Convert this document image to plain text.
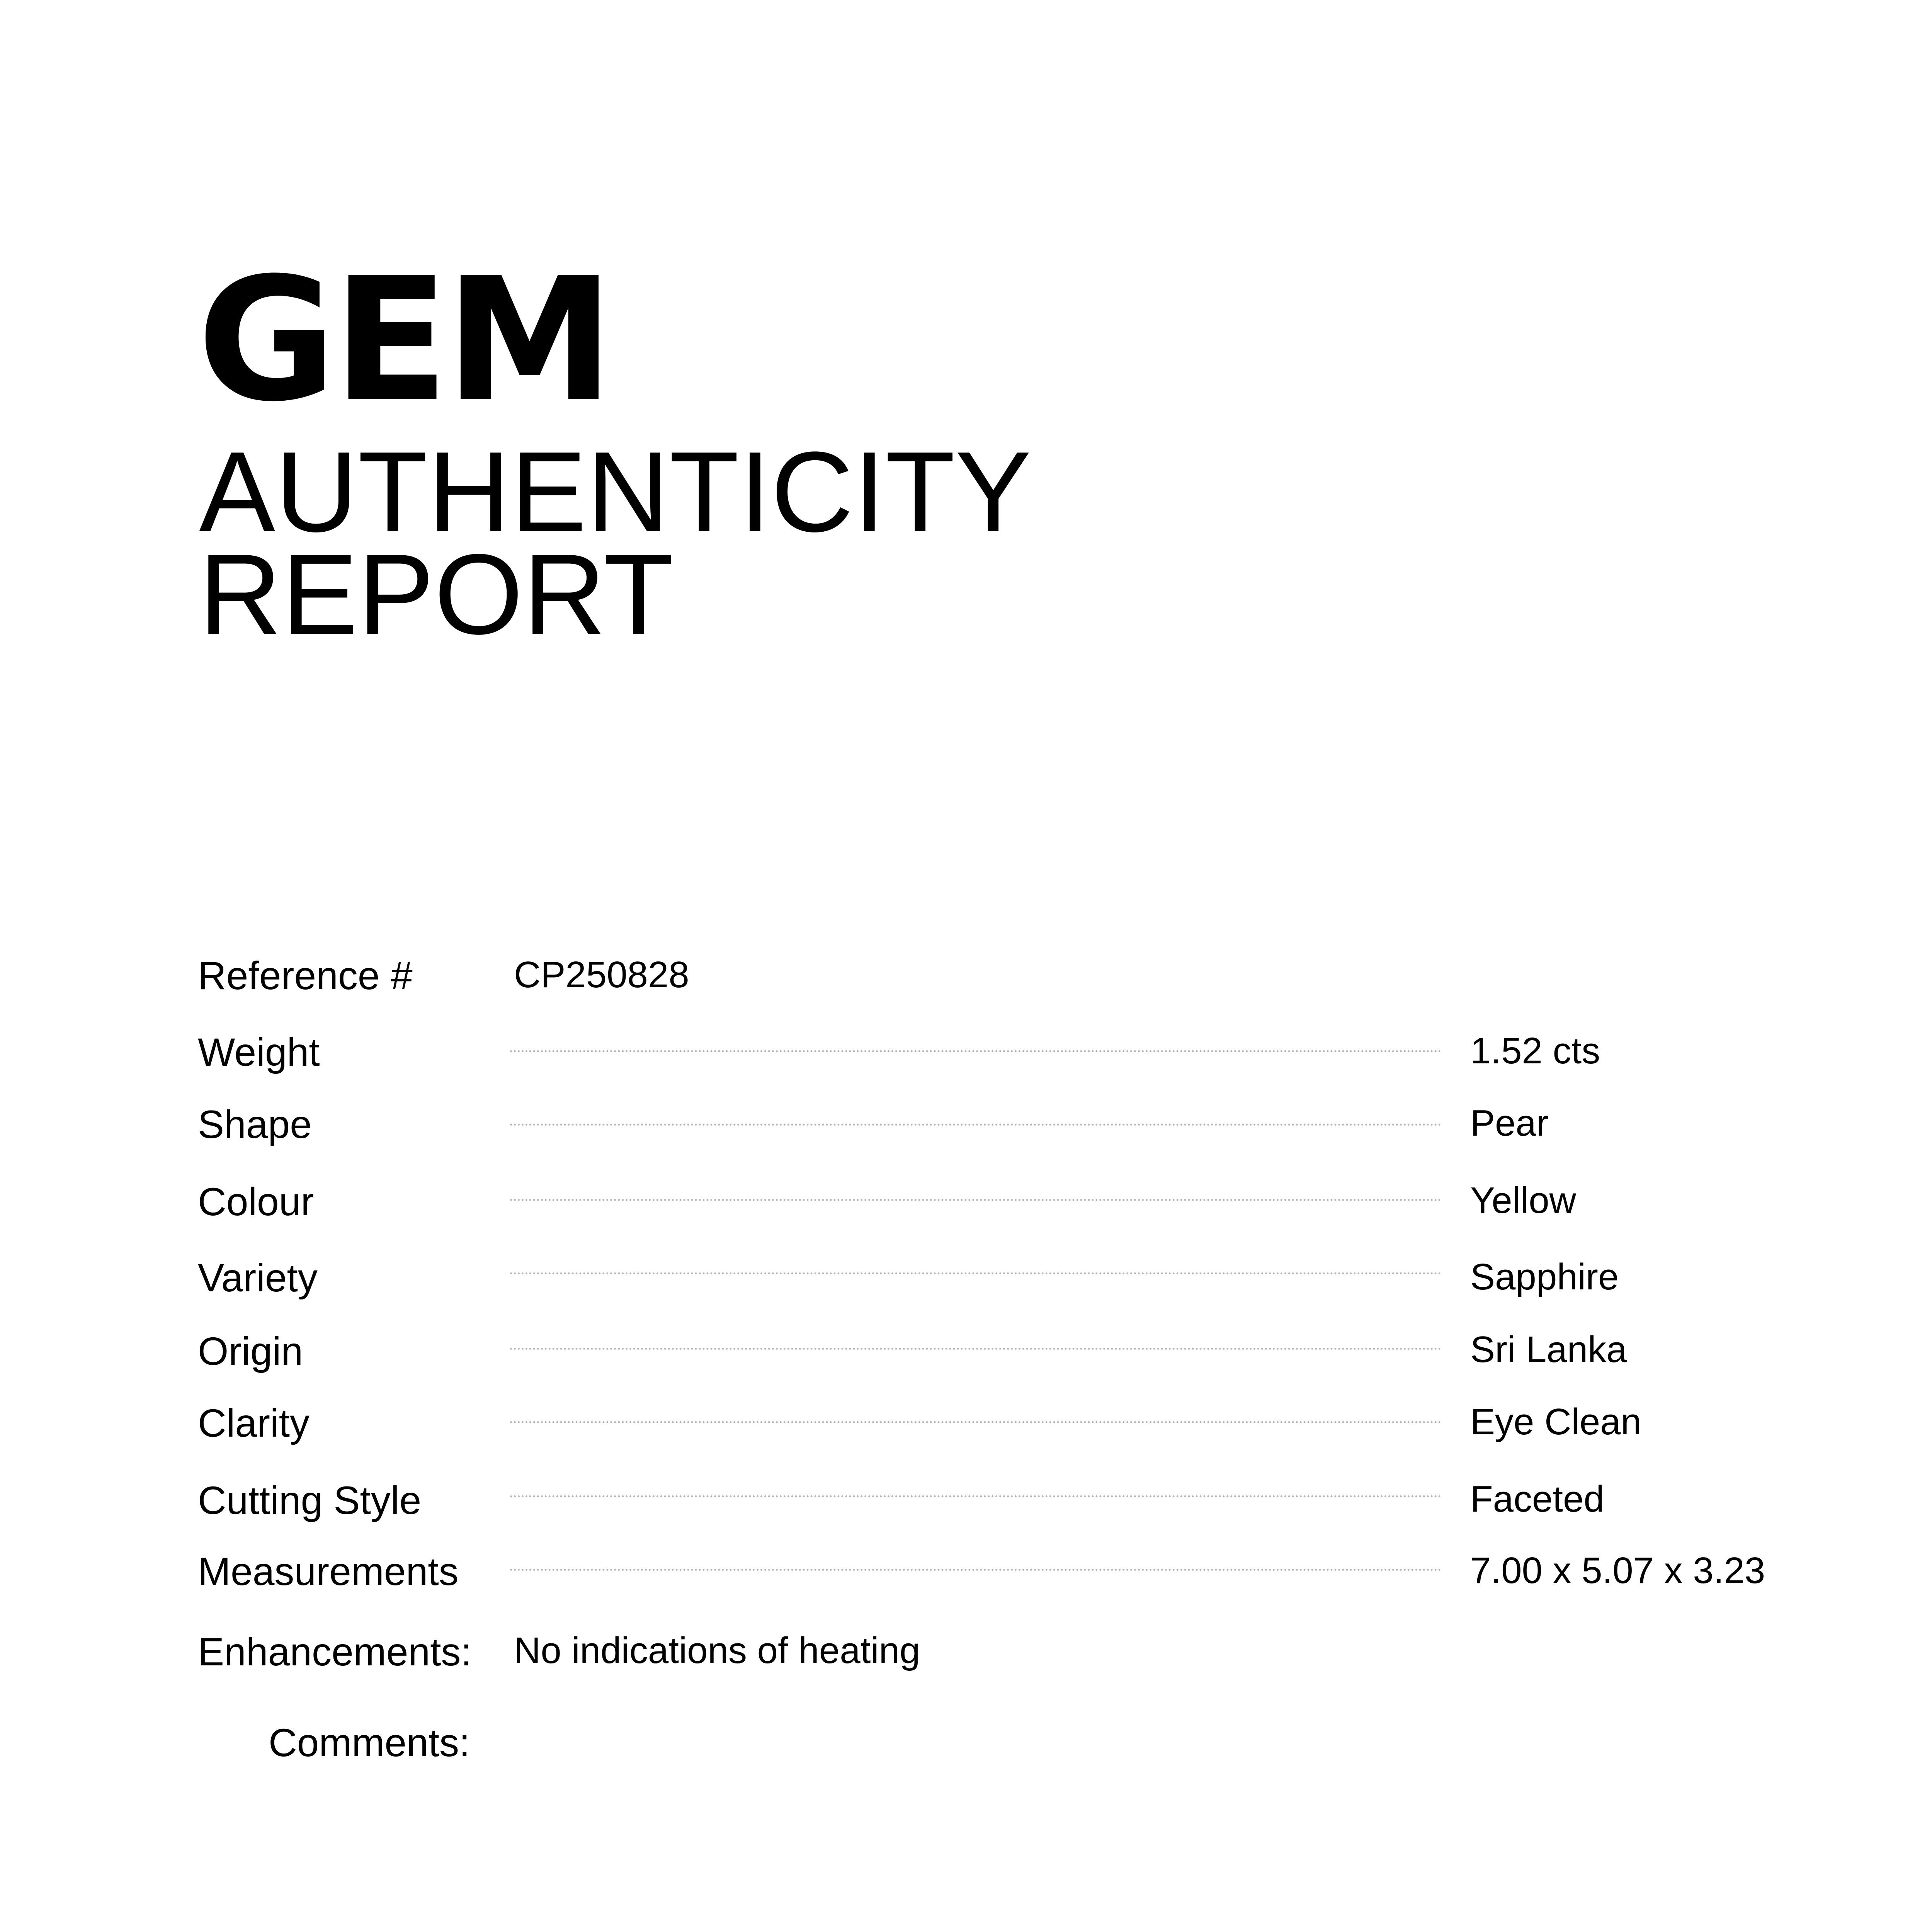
GEM
AUTHENTICITY
REPORT
Reference #	CP250828
Weight	1.52 cts
Shape	Pear
Colour	Yellow
Variety	Sapphire
Origin	Sri Lanka
Clarity	Eye Clean
Cutting Style	Faceted
Measurements	7.00 x 5.07 x 3.23
Enhancements: No indications of heating
Comments:
